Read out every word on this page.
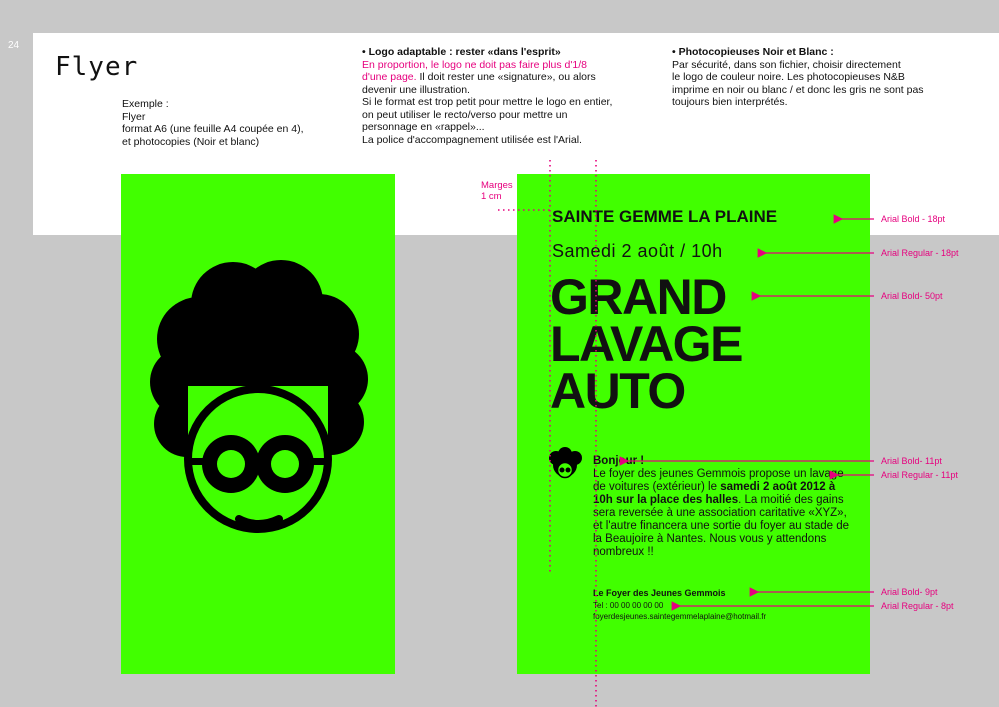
24
Flyer
Exemple :
Flyer
format A6 (une feuille A4 coupée en 4),
et photocopies (Noir et blanc)
• Logo adaptable : rester «dans l'esprit»
En proportion, le logo ne doit pas faire plus d'1/8
d'une page. Il doit rester une «signature», ou alors
devenir une illustration.
Si le format est trop petit pour mettre le logo en entier,
on peut utiliser le recto/verso pour mettre un
personnage en «rappel»...
La police d'accompagnement utilisée est l'Arial.
• Photocopieuses Noir et Blanc :
Par sécurité, dans son fichier, choisir directement
le logo de couleur noire. Les photocopieuses N&B
imprime en noir ou blanc / et donc les gris ne sont pas
toujours bien interprétés.
SAINTE GEMME LA PLAINE
Samedi 2 août / 10h
GRAND
LAVAGE
AUTO
Bonjour !
Le foyer des jeunes Gemmois propose un lavage de voitures (extérieur) le samedi 2 août 2012 à 10h sur la place des halles. La moitié des gains sera reversée à une association caritative «XYZ», et l'autre financera une sortie du foyer au stade de la Beaujoire à Nantes. Nous vous y attendons nombreux !!
Le Foyer des Jeunes Gemmois
Tel : 00 00 00 00 00
foyerdesjeunes.saintegemmelaplaine@hotmail.fr
Marges
1 cm
Arial Bold - 18pt
Arial Regular - 18pt
Arial Bold- 50pt
Arial Bold- 11pt
Arial Regular - 11pt
Arial Bold- 9pt
Arial Regular - 8pt
